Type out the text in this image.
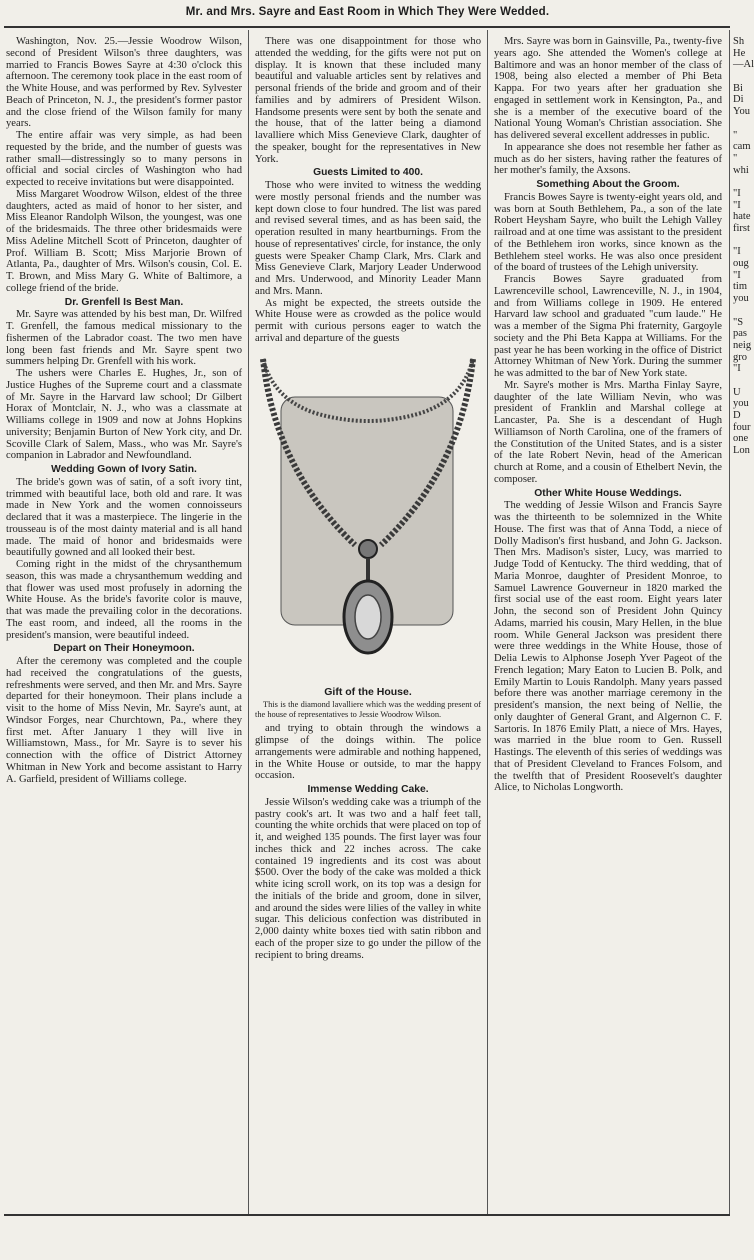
Mr. and Mrs. Sayre and East Room in Which They Were Wedded.

Washington, Nov. 25.—Jessie Woodrow Wilson, second of President Wilson's three daughters, was married to Francis Bowes Sayre at 4:30 o'clock this afternoon. The ceremony took place in the east room of the White House, and was performed by Rev. Sylvester Beach of Princeton, N. J., the president's former pastor and the close friend of the Wilson family for many years.

The entire affair was very simple, as had been requested by the bride, and the number of guests was rather small—distressingly so to many persons in official and social circles of Washington who had expected to receive invitations but were disappointed.

Miss Margaret Woodrow Wilson, eldest of the three daughters, acted as maid of honor to her sister, and Miss Eleanor Randolph Wilson, the youngest, was one of the bridesmaids. The three other bridesmaids were Miss Adeline Mitchell Scott of Princeton, daughter of Prof. William B. Scott; Miss Marjorie Brown of Atlanta, Pa., daughter of Mrs. Wilson's cousin, Col. E. T. Brown, and Miss Mary G. White of Baltimore, a college friend of the bride.

Dr. Grenfell Is Best Man.

Mr. Sayre was attended by his best man, Dr. Wilfred T. Grenfell, the famous medical missionary to the fishermen of the Labrador coast. The two men have long been fast friends and Mr. Sayre spent two summers helping Dr. Grenfell with his work.

The ushers were Charles E. Hughes, Jr., son of Justice Hughes of the Supreme court and a classmate of Mr. Sayre in the Harvard law school; Dr Gilbert Horax of Montclair, N. J., who was a classmate at Williams college in 1909 and now at Johns Hopkins university; Benjamin Burton of New York city, and Dr. Scoville Clark of Salem, Mass., who was Mr. Sayre's companion in Labrador and Newfoundland.

Wedding Gown of Ivory Satin.

The bride's gown was of satin, of a soft ivory tint, trimmed with beautiful lace, both old and rare. It was made in New York and the women connoisseurs declared that it was a masterpiece. The lingerie in the trousseau is of the most dainty material and is all hand made. The maid of honor and bridesmaids were beautifully gowned and all looked their best.

Coming right in the midst of the chrysanthemum season, this was made a chrysanthemum wedding and that flower was used most profusely in adorning the White House. As the bride's favorite color is mauve, that was made the prevailing color in the decorations. The east room, and indeed, all the rooms in the president's mansion, were beautiful indeed.

Depart on Their Honeymoon.

After the ceremony was completed and the couple had received the congratulations of the guests, refreshments were served, and then Mr. and Mrs. Sayre departed for their honeymoon. Their plans include a visit to the home of Miss Nevin, Mr. Sayre's aunt, at Windsor Forges, near Churchtown, Pa., where they first met. After January 1 they will live in Williamstown, Mass., for Mr. Sayre is to sever his connection with the office of District Attorney Whitman in New York and become assistant to Harry A. Garfield, president of Williams college.

There was one disappointment for those who attended the wedding, for the gifts were not put on display. It is known that these included many beautiful and valuable articles sent by relatives and personal friends of the bride and groom and of their families and by admirers of President Wilson. Handsome presents were sent by both the senate and the house, that of the latter being a diamond lavalliere which Miss Genevieve Clark, daughter of the speaker, bought for the representatives in New York.

Guests Limited to 400.

Those who were invited to witness the wedding were mostly personal friends and the number was kept down close to four hundred. The list was pared and revised several times, and as has been said, the operation resulted in many heartburnings. From the house of representatives' circle, for instance, the only guests were Speaker Champ Clark, Mrs. Clark and Miss Genevieve Clark, Marjory Leader Underwood and Mrs. Underwood, and Minority Leader Mann and Mrs. Mann.

As might be expected, the streets outside the White House were as crowded as the police would permit with curious persons eager to watch the arrival and departure of the guests

Gift of the House.
This is the diamond lavalliere which was the wedding present of the house of representatives to Jessie Woodrow Wilson.

and trying to obtain through the windows a glimpse of the doings within. The police arrangements were admirable and nothing happened, in the White House or outside, to mar the happy occasion.

Immense Wedding Cake.

Jessie Wilson's wedding cake was a triumph of the pastry cook's art. It was two and a half feet tall, counting the white orchids that were placed on top of it, and weighed 135 pounds. The first layer was four inches thick and 22 inches across. The cake contained 19 ingredients and its cost was about $500. Over the body of the cake was molded a thick white icing scroll work, on its top was a design for the initials of the bride and groom, done in silver, and around the sides were lilies of the valley in white sugar. This delicious confection was distributed in 2,000 dainty white boxes tied with satin ribbon and each of the proper size to go under the pillow of the recipient to bring dreams.

Mrs. Sayre was born in Gainsville, Pa., twenty-five years ago. She attended the Women's college at Baltimore and was an honor member of the class of 1908, being also elected a member of Phi Beta Kappa. For two years after her graduation she engaged in settlement work in Kensington, Pa., and she is a member of the executive board of the National Young Woman's Christian association. She has delivered several excellent addresses in public.

In appearance she does not resemble her father as much as do her sisters, having rather the features of her mother's family, the Axsons.

Something About the Groom.

Francis Bowes Sayre is twenty-eight years old, and was born at South Bethlehem, Pa., a son of the late Robert Heysham Sayre, who built the Lehigh Valley railroad and at one time was assistant to the president of the Bethlehem iron works, since known as the Bethlehem steel works. He was also once president of the board of trustees of the Lehigh university.

Francis Bowes Sayre graduated from Lawrenceville school, Lawrenceville, N. J., in 1904, and from Williams college in 1909. He entered Harvard law school and graduated "cum laude." He was a member of the Sigma Phi fraternity, Gargoyle society and the Phi Beta Kappa at Williams. For the past year he has been working in the office of District Attorney Whitman of New York. During the summer he was admitted to the bar of New York state.

Mr. Sayre's mother is Mrs. Martha Finlay Sayre, daughter of the late William Nevin, who was president of Franklin and Marshal college at Lancaster, Pa. She is a descendant of Hugh Williamson of North Carolina, one of the framers of the Constitution of the United States, and is a sister of the late Robert Nevin, head of the American church at Rome, and a cousin of Ethelbert Nevin, the composer.

Other White House Weddings.

The wedding of Jessie Wilson and Francis Sayre was the thirteenth to be solemnized in the White House. The first was that of Anna Todd, a niece of Dolly Madison's first husband, and John G. Jackson. Then Mrs. Madison's sister, Lucy, was married to Judge Todd of Kentucky. The third wedding, that of Maria Monroe, daughter of President Monroe, to Samuel Lawrence Gouverneur in 1820 marked the first social use of the east room. Eight years later John, the second son of President John Quincy Adams, married his cousin, Mary Hellen, in the blue room. While General Jackson was president there were three weddings in the White House, those of Delia Lewis to Alphonse Joseph Yver Pageot of the French legation; Mary Eaton to Lucien B. Polk, and Emily Martin to Louis Randolph. Many years passed before there was another marriage ceremony in the president's mansion, the next being of Nellie, the only daughter of General Grant, and Algernon C. F. Sartoris. In 1876 Emily Platt, a niece of Mrs. Hayes, was married in the blue room to Gen. Russell Hastings. The eleventh of this series of weddings was that of President Cleveland to Frances Folsom, and the twelfth that of President Roosevelt's daughter Alice, to Nicholas Longworth.

Sh
He
—Al
Bi
Di
You
"
cam
"
whi
"I
"I
hate
first
"I
oug
"I
tim
you
"S
pas
neig
gro
"I
U
you
D
four
one
Lon
